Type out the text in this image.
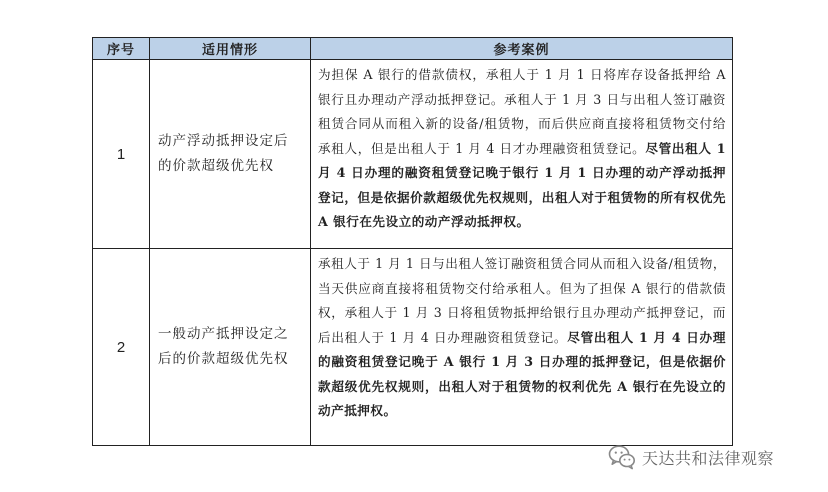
序号	适用情形	参考案例
1	动产浮动抵押设定后的价款超级优先权	为担保 A 银行的借款债权，承租人于 1 月 1 日将库存设备抵押给 A 银行且办理动产浮动抵押登记。承租人于 1 月 3 日与出租人签订融资租赁合同从而租入新的设备/租赁物，而后供应商直接将租赁物交付给承租人，但是出租人于 1 月 4 日才办理融资租赁登记。尽管出租人 1 月 4 日办理的融资租赁登记晚于银行 1 月 1 日办理的动产浮动抵押登记，但是依据价款超级优先权规则，出租人对于租赁物的所有权优先 A 银行在先设立的动产浮动抵押权。
2	一般动产抵押设定之后的价款超级优先权	承租人于 1 月 1 日与出租人签订融资租赁合同从而租入设备/租赁物，当天供应商直接将租赁物交付给承租人。但为了担保 A 银行的借款债权，承租人于 1 月 3 日将租赁物抵押给银行且办理动产抵押登记，而后出租人于 1 月 4 日办理融资租赁登记。尽管出租人 1 月 4 日办理的融资租赁登记晚于 A 银行 1 月 3 日办理的抵押登记，但是依据价款超级优先权规则，出租人对于租赁物的权利优先 A 银行在先设立的动产抵押权。
天达共和法律观察
